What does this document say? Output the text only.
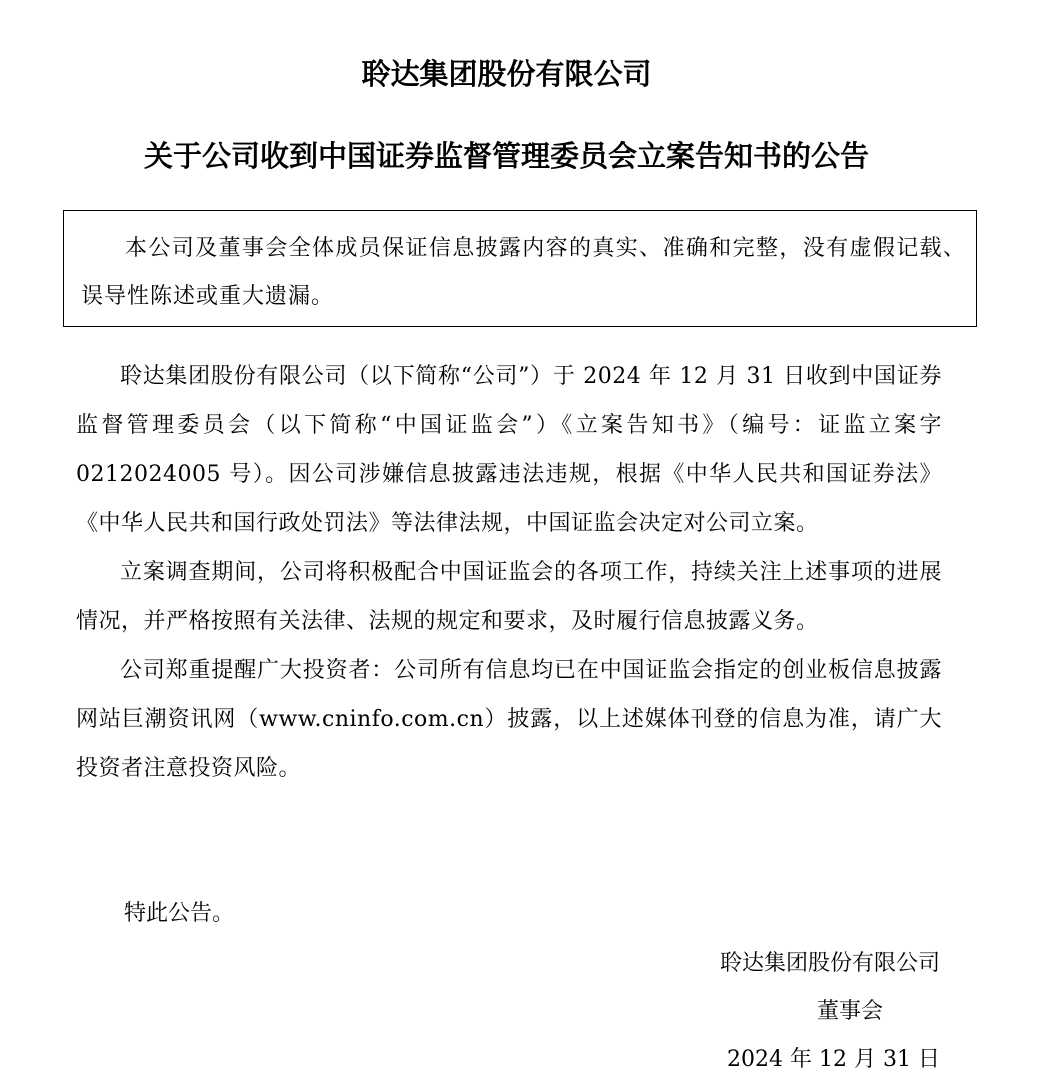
聆达集团股份有限公司
关于公司收到中国证券监督管理委员会立案告知书的公告

本公司及董事会全体成员保证信息披露内容的真实、准确和完整，没有虚假记载、误导性陈述或重大遗漏。

聆达集团股份有限公司（以下简称“公司”）于 2024 年 12 月 31 日收到中国证券监督管理委员会（以下简称“中国证监会”）《立案告知书》（编号：证监立案字 0212024005 号）。因公司涉嫌信息披露违法违规，根据《中华人民共和国证券法》《中华人民共和国行政处罚法》等法律法规，中国证监会决定对公司立案。

立案调查期间，公司将积极配合中国证监会的各项工作，持续关注上述事项的进展情况，并严格按照有关法律、法规的规定和要求，及时履行信息披露义务。

公司郑重提醒广大投资者：公司所有信息均已在中国证监会指定的创业板信息披露网站巨潮资讯网（www.cninfo.com.cn）披露，以上述媒体刊登的信息为准，请广大投资者注意投资风险。

特此公告。

聆达集团股份有限公司
董事会
2024 年 12 月 31 日
